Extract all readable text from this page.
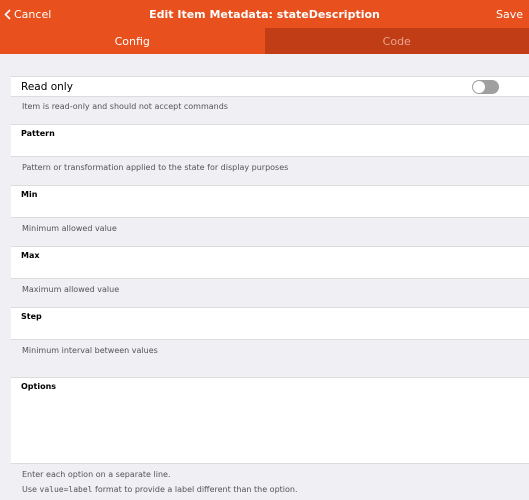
Cancel	Edit Item Metadata: stateDescription	Save
Config	Code
Read only
Item is read-only and should not accept commands
Pattern
Pattern or transformation applied to the state for display purposes
Min
Minimum allowed value
Max
Maximum allowed value
Step
Minimum interval between values
Options
Enter each option on a separate line.
Use value=label format to provide a label different than the option.
